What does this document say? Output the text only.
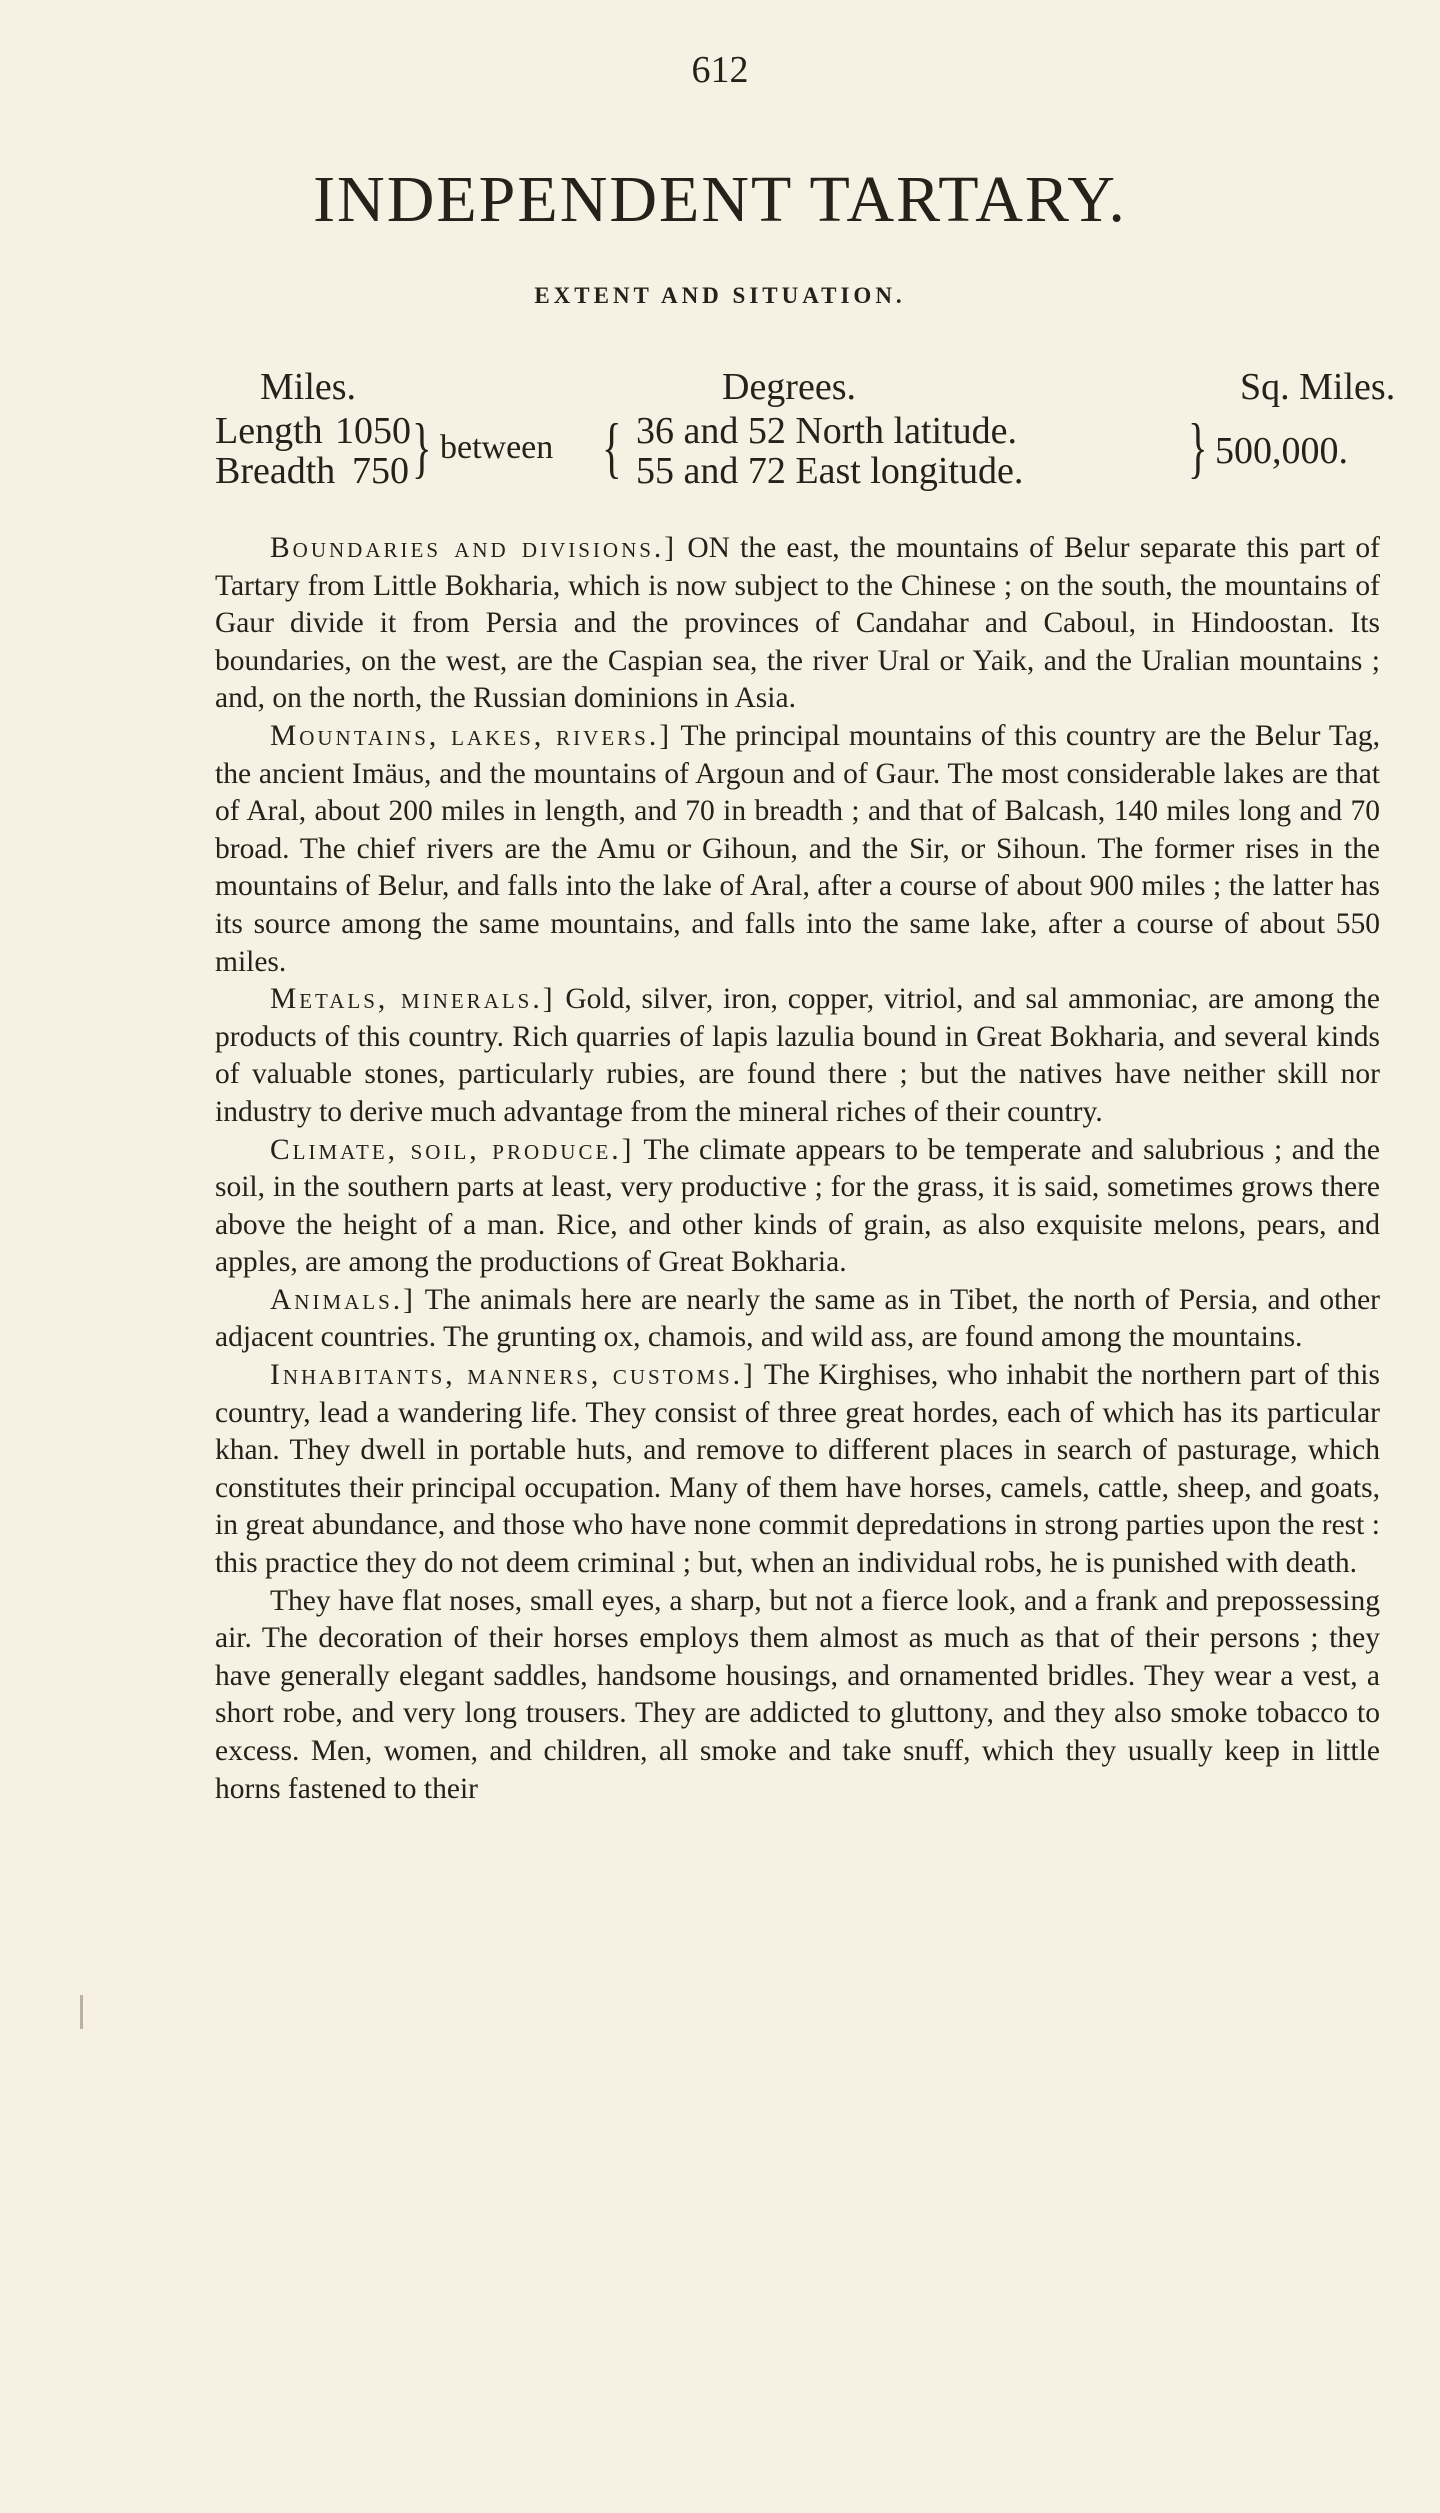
612
INDEPENDENT TARTARY.
EXTENT AND SITUATION.
Miles.	Degrees.	Sq. Miles.
Length 1050
Breadth 750 } between { 36 and 52 North latitude.
55 and 72 East longitude. } 500,000.

Boundaries and divisions.] ON the east, the mountains of Belur separate this part of Tartary from Little Bokharia, which is now subject to the Chinese ; on the south, the mountains of Gaur divide it from Persia and the provinces of Candahar and Caboul, in Hindoostan. Its boundaries, on the west, are the Caspian sea, the river Ural or Yaik, and the Uralian mountains ; and, on the north, the Russian dominions in Asia.

Mountains, lakes, rivers.] The principal mountains of this country are the Belur Tag, the ancient Imäus, and the mountains of Argoun and of Gaur. The most considerable lakes are that of Aral, about 200 miles in length, and 70 in breadth ; and that of Balcash, 140 miles long and 70 broad. The chief rivers are the Amu or Gihoun, and the Sir, or Sihoun. The former rises in the mountains of Belur, and falls into the lake of Aral, after a course of about 900 miles ; the latter has its source among the same mountains, and falls into the same lake, after a course of about 550 miles.

Metals, minerals.] Gold, silver, iron, copper, vitriol, and sal ammoniac, are among the products of this country. Rich quarries of lapis lazulia bound in Great Bokharia, and several kinds of valuable stones, particularly rubies, are found there ; but the natives have neither skill nor industry to derive much advantage from the mineral riches of their country.

Climate, soil, produce.] The climate appears to be temperate and salubrious ; and the soil, in the southern parts at least, very productive ; for the grass, it is said, sometimes grows there above the height of a man. Rice, and other kinds of grain, as also exquisite melons, pears, and apples, are among the productions of Great Bokharia.

Animals.] The animals here are nearly the same as in Tibet, the north of Persia, and other adjacent countries. The grunting ox, chamois, and wild ass, are found among the mountains.

Inhabitants, manners, customs.] The Kirghises, who inhabit the northern part of this country, lead a wandering life. They consist of three great hordes, each of which has its particular khan. They dwell in portable huts, and remove to different places in search of pasturage, which constitutes their principal occupation. Many of them have horses, camels, cattle, sheep, and goats, in great abundance, and those who have none commit depredations in strong parties upon the rest : this practice they do not deem criminal ; but, when an individual robs, he is punished with death.

They have flat noses, small eyes, a sharp, but not a fierce look, and a frank and prepossessing air. The decoration of their horses employs them almost as much as that of their persons ; they have generally elegant saddles, handsome housings, and ornamented bridles. They wear a vest, a short robe, and very long trousers. They are addicted to gluttony, and they also smoke tobacco to excess. Men, women, and children, all smoke and take snuff, which they usually keep in little horns fastened to their
